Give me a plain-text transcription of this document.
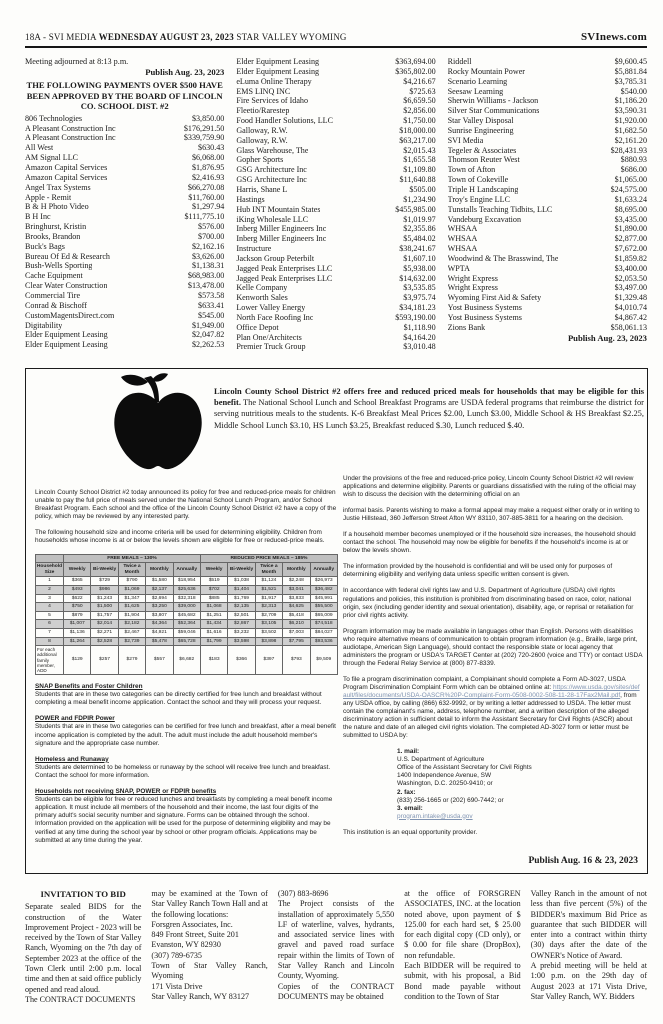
18A - SVI MEDIA WEDNESDAY AUGUST 23, 2023 STAR VALLEY WYOMING	SVInews.com
Meeting adjourned at 8:13 p.m.
Publish Aug. 23, 2023
THE FOLLOWING PAYMENTS OVER $500 HAVE BEEN APPROVED BY THE BOARD OF LINCOLN CO. SCHOOL DIST. #2
806 Technologies	$3,850.00
A Pleasant Construction Inc	$176,291.50
A Pleasant Construction Inc	$339,759.90
All West	$630.43
AM Signal LLC	$6,068.00
Amazon Capital Services	$1,876.95
Amazon Capital Services	$2,416.93
Angel Trax Systems	$66,270.08
Apple - Remit	$11,760.00
B & H Photo Video	$1,297.94
B H Inc	$111,775.10
Bringhurst, Kristin	$576.00
Brooks, Brandon	$700.00
Buck's Bags	$2,162.16
Bureau Of Ed & Research	$3,626.00
Bush-Wells Sporting	$1,138.31
Cache Equipment	$68,983.00
Clear Water Construction	$13,478.00
Commercial Tire	$573.58
Conrad & Bischoff	$633.41
CustomMagentsDirect.com	$545.00
Digitability	$1,949.00
Elder Equipment Leasing	$2,047.82
Elder Equipment Leasing	$2,262.53
Elder Equipment Leasing	$363,694.00
Elder Equipment Leasing	$365,802.00
eLuma Online Therapy	$4,216.67
EMS LINQ INC	$725.63
Fire Services of Idaho	$6,659.50
Fleetio/Rarestep	$2,856.00
Food Handler Solutions, LLC	$1,750.00
Galloway, R.W.	$18,000.00
Galloway, R.W.	$63,217.00
Glass Warehouse, The	$2,015.43
Gopher Sports	$1,655.58
GSG Architecture Inc	$1,109.80
GSG Architecture Inc	$11,640.88
Harris, Shane L	$505.00
Hastings	$1,234.90
Hub INT Mountain States	$455,985.00
iKing Wholesale LLC	$1,019.97
Inberg Miller Engineers Inc	$2,355.86
Inberg Miller Engineers Inc	$5,484.02
Instructure	$38,241.67
Jackson Group Peterbilt	$1,607.10
Jagged Peak Enterprises LLC	$5,938.00
Jagged Peak Enterprises LLC	$14,632.00
Kelle Company	$3,535.85
Kenworth Sales	$3,975.74
Lower Valley Energy	$34,181.23
North Face Roofing Inc	$593,190.00
Office Depot	$1,118.90
Plan One/Architects	$4,164.20
Premier Truck Group	$3,010.48
Riddell	$9,600.45
Rocky Mountain Power	$5,881.84
Scenario Learning	$3,785.31
Seesaw Learning	$540.00
Sherwin Williams - Jackson	$1,186.20
Silver Star Communications	$3,590.31
Star Valley Disposal	$1,920.00
Sunrise Engineering	$1,682.50
SVI Media	$2,161.20
Tegeler & Associates	$28,431.93
Thomson Reuter West	$880.93
Town of Afton	$686.00
Town of Cokeville	$1,065.00
Triple H Landscaping	$24,575.00
Troy's Engine LLC	$1,633.24
Tunstalls Teaching Tidbits, LLC	$8,695.00
Vandeburg Excavation	$3,435.00
WHSAA	$1,890.00
WHSAA	$2,877.00
WHSAA	$7,672.00
Woodwind & The Brasswind, The	$1,859.82
WPTA	$3,400.00
Wright Express	$2,053.50
Wright Express	$3,497.00
Wyoming First Aid & Safety	$1,329.48
Yost Business Systems	$4,010.74
Yost Business Systems	$4,867.42
Zions Bank	$58,061.13
Publish Aug. 23, 2023
Lincoln County School District #2 offers free and reduced priced meals for households that may be eligible for this benefit. The National School Lunch and School Breakfast Programs are USDA federal programs that reimburse the district for serving nutritious meals to the students. K-6 Breakfast Meal Prices $2.00, Lunch $3.00, Middle School & HS Breakfast $2.25, Middle School Lunch $3.10, HS Lunch $3.25, Breakfast reduced $.30, Lunch reduced $.40.

Lincoln County School District #2 today announced its policy for free and reduced-price meals for children unable to pay the full price of meals served under the National School Lunch Program, and/or School Breakfast Program. Each school and the office of the Lincoln County School District #2 have a copy of the policy, which may be reviewed by any interested party.

The following household size and income criteria will be used for determining eligibility. Children from households whose income is at or below the levels shown are eligible for free or reduced-price meals.

	FREE MEALS – 130%					REDUCED PRICE MEALS – 185%				
Household Size	Weekly	Bi-Weekly	Twice a Month	Monthly	Annually	Weekly	Bi-Weekly	Twice a Month	Monthly	Annually
1	$365	$729	$790	$1,580	$18,954	$519	$1,038	$1,124	$2,248	$26,973
2	$493	$986	$1,069	$2,137	$25,636	$702	$1,404	$1,521	$3,041	$36,482
3	$622	$1,243	$1,347	$2,694	$32,318	$885	$1,769	$1,917	$3,833	$45,991
4	$750	$1,500	$1,625	$3,250	$39,000	$1,068	$2,135	$2,313	$4,625	$55,500
5	$879	$1,757	$1,904	$3,807	$45,682	$1,251	$2,501	$2,709	$5,418	$65,009
6	$1,007	$2,014	$2,182	$4,364	$52,364	$1,434	$2,867	$3,105	$6,210	$74,518
7	$1,136	$2,271	$2,467	$4,921	$59,046	$1,616	$3,232	$3,502	$7,003	$84,027
8	$1,264	$2,528	$2,739	$5,478	$65,728	$1,799	$3,598	$3,898	$7,795	$93,536
For each additional family member, ADD	$129	$257	$279	$557	$6,682	$183	$366	$397	$793	$9,509
SNAP Benefits and Foster Children
Students that are in these two categories can be directly certified for free lunch and breakfast without completing a meal benefit income application. Contact the school and they will process your request.
POWER and FDPIR Power
Students that are in these two categories can be certified for free lunch and breakfast, after a meal benefit income application is completed by the adult. The adult must include the adult household member's signature and the appropriate case number.
Homeless and Runaway
Students are determined to be homeless or runaway by the school will receive free lunch and breakfast. Contact the school for more information.
Households not receiving SNAP, POWER or FDPIR benefits
Students can be eligible for free or reduced lunches and breakfasts by completing a meal benefit income application. It must include all members of the household and their income, the last four digits of the primary adult's social security number and signature. Forms can be obtained through the school. Information provided on the application will be used for the purpose of determining eligibility and may be verified at any time during the school year by school or other program officials. Applications may be submitted at any time during the year.

Under the provisions of the free and reduced-price policy, Lincoln County School District #2 will review applications and determine eligibility. Parents or guardians dissatisfied with the ruling of the official may wish to discuss the decision with the determining official on an

informal basis. Parents wishing to make a formal appeal may make a request either orally or in writing to Justie Hillstead, 360 Jefferson Street Afton WY 83110, 307-885-3811 for a hearing on the decision.

If a household member becomes unemployed or if the household size increases, the household should contact the school. The household may now be eligible for benefits if the household's income is at or below the levels shown.

The information provided by the household is confidential and will be used only for purposes of determining eligibility and verifying data unless specific written consent is given.

In accordance with federal civil rights law and U.S. Department of Agriculture (USDA) civil rights regulations and policies, this institution is prohibited from discriminating based on race, color, national origin, sex (including gender identity and sexual orientation), disability, age, or reprisal or retaliation for prior civil rights activity.

Program information may be made available in languages other than English. Persons with disabilities who require alternative means of communication to obtain program information (e.g., Braille, large print, audiotape, American Sign Language), should contact the responsible state or local agency that administers the program or USDA's TARGET Center at (202) 720-2600 (voice and TTY) or contact USDA through the Federal Relay Service at (800) 877-8339.

To file a program discrimination complaint, a Complainant should complete a Form AD-3027, USDA Program Discrimination Complaint Form which can be obtained online at: https://www.usda.gov/sites/default/files/documents/USDA-OASCR%20P-Complaint-Form-0508-0002-508-11-28-17Fax2Mail.pdf, from any USDA office, by calling (866) 632-9992, or by writing a letter addressed to USDA. The letter must contain the complainant's name, address, telephone number, and a written description of the alleged discriminatory action in sufficient detail to inform the Assistant Secretary for Civil Rights (ASCR) about the nature and date of an alleged civil rights violation. The completed AD-3027 form or letter must be submitted to USDA by:

1. mail:
U.S. Department of Agriculture
Office of the Assistant Secretary for Civil Rights
1400 Independence Avenue, SW
Washington, D.C. 20250-9410; or
2. fax:
(833) 256-1665 or (202) 690-7442; or
3. email:
program.intake@usda.gov

This institution is an equal opportunity provider.

Publish Aug. 16 & 23, 2023
INVITATION TO BID

Separate sealed BIDS for the construction of the Water Improvement Project - 2023 will be received by the Town of Star Valley Ranch, Wyoming on the 7th day of September 2023 at the office of the Town Clerk until 2:00 p.m. local time and then at said office publicly opened and read aloud.

The CONTRACT DOCUMENTS

may be examined at the Town of Star Valley Ranch Town Hall and at the following locations:

Forsgren Associates, Inc.

849 Front Street, Suite 201

Evanston, WY 82930

(307) 789-6735

Town of Star Valley Ranch, Wyoming

171 Vista Drive

Star Valley Ranch, WY 83127

(307) 883-8696

The Project consists of the installation of approximately 5,550 LF of waterline, valves, hydrants, and associated service lines with gravel and paved road surface repair within the limits of Town of Star Valley Ranch and Lincoln County, Wyoming.

Copies of the CONTRACT DOCUMENTS may be obtained

at the office of FORSGREN ASSOCIATES, INC. at the location noted above, upon payment of $ 125.00 for each hard set, $ 25.00 for each digital copy (CD only), or $ 0.00 for file share (DropBox), non refundable.

Each BIDDER will be required to submit, with his proposal, a Bid Bond made payable without condition to the Town of Star

Valley Ranch in the amount of not less than five percent (5%) of the BIDDER's maximum Bid Price as guarantee that such BIDDER will enter into a contract within thirty (30) days after the date of the OWNER's Notice of Award.

A prebid meeting will be held at 1:00 p.m. on the 29th day of August 2023 at 171 Vista Drive, Star Valley Ranch, WY. Bidders
